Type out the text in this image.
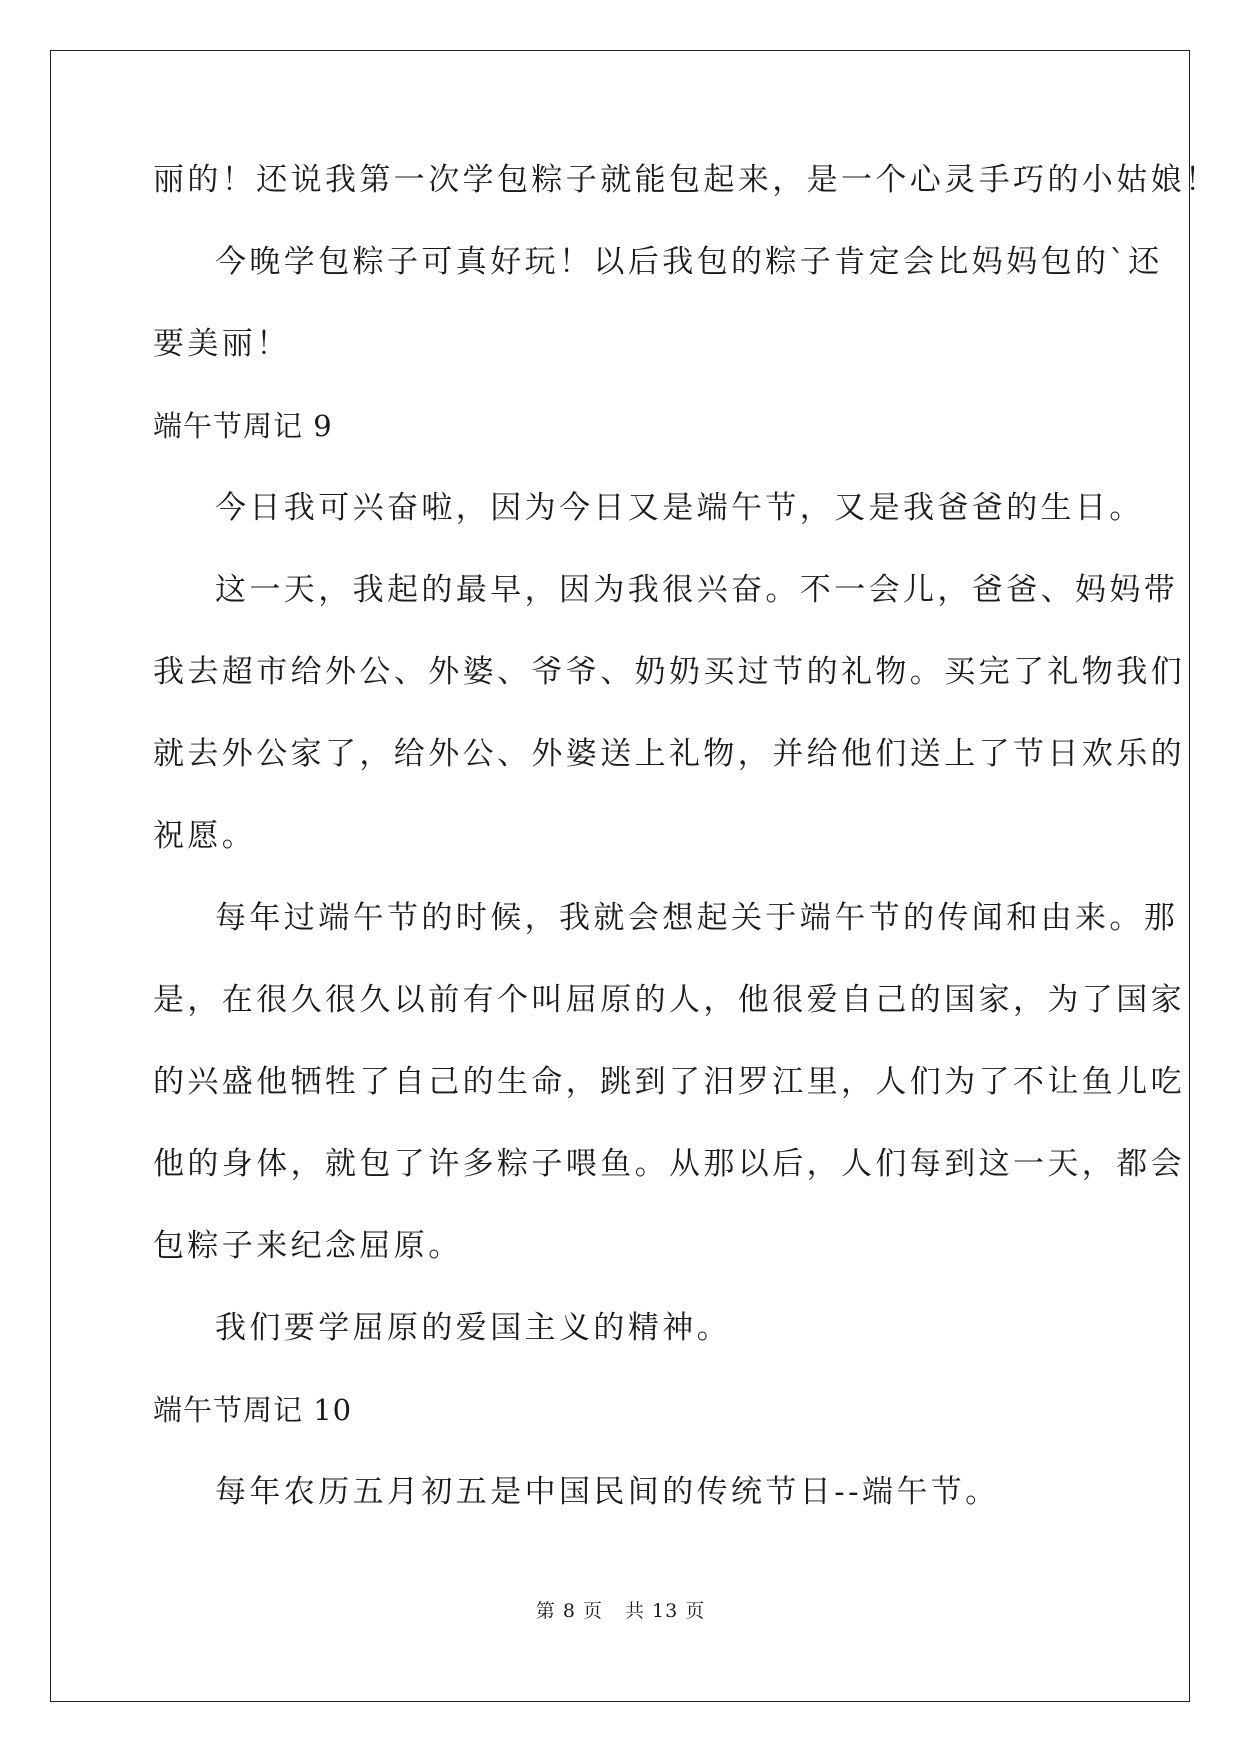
丽的！还说我第一次学包粽子就能包起来，是一个心灵手巧的小姑娘！
今晚学包粽子可真好玩！以后我包的粽子肯定会比妈妈包的`还
要美丽！
端午节周记 9
今日我可兴奋啦，因为今日又是端午节，又是我爸爸的生日。
这一天，我起的最早，因为我很兴奋。不一会儿，爸爸、妈妈带
我去超市给外公、外婆、爷爷、奶奶买过节的礼物。买完了礼物我们
就去外公家了，给外公、外婆送上礼物，并给他们送上了节日欢乐的
祝愿。
每年过端午节的时候，我就会想起关于端午节的传闻和由来。那
是，在很久很久以前有个叫屈原的人，他很爱自己的国家，为了国家
的兴盛他牺牲了自己的生命，跳到了汨罗江里，人们为了不让鱼儿吃
他的身体，就包了许多粽子喂鱼。从那以后，人们每到这一天，都会
包粽子来纪念屈原。
我们要学屈原的爱国主义的精神。
端午节周记 10
每年农历五月初五是中国民间的传统节日--端午节。
第 8 页 共 13 页
